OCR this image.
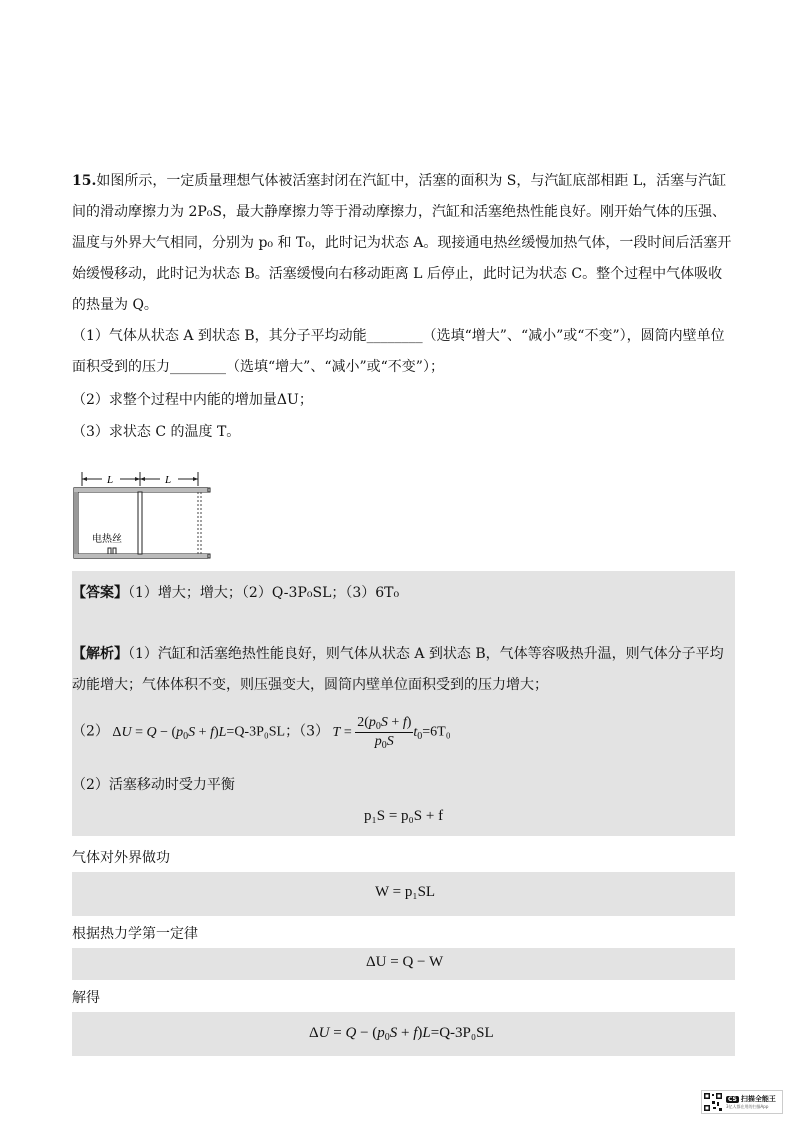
15.如图所示，一定质量理想气体被活塞封闭在汽缸中，活塞的面积为 S，与汽缸底部相距 L，活塞与汽缸
间的滑动摩擦力为 2P₀S，最大静摩擦力等于滑动摩擦力，汽缸和活塞绝热性能良好。刚开始气体的压强、
温度与外界大气相同，分别为 p₀ 和 T₀，此时记为状态 A。现接通电热丝缓慢加热气体，一段时间后活塞开
始缓慢移动，此时记为状态 B。活塞缓慢向右移动距离 L 后停止，此时记为状态 C。整个过程中气体吸收
的热量为 Q。
（1）气体从状态 A 到状态 B，其分子平均动能________（选填“增大”、“减小”或“不变”），圆筒内壁单位
面积受到的压力________（选填“增大”、“减小”或“不变”）；
（2）求整个过程中内能的增加量ΔU；
（3）求状态 C 的温度 T。
L	L
电热丝
【答案】（1）增大；增大；（2）Q-3P₀SL；（3）6T₀
【解析】（1）汽缸和活塞绝热性能良好，则气体从状态 A 到状态 B，气体等容吸热升温，则气体分子平均
动能增大；气体体积不变，则压强变大，圆筒内壁单位面积受到的压力增大；
（2） $\Delta U = Q - (p_0S + f)L=Q-3P_0SL$；（3） $T = \frac{2(p_0S + f)}{p_0S} t_0=6T_0$
（2）活塞移动时受力平衡
p₁S = p₀S + f
气体对外界做功
W = p₁SL
根据热力学第一定律
ΔU = Q − W
解得
$\Delta U = Q - (p_0S + f)L=Q-3P_0SL$
CS 扫描全能王
3亿人都在用的扫描App
